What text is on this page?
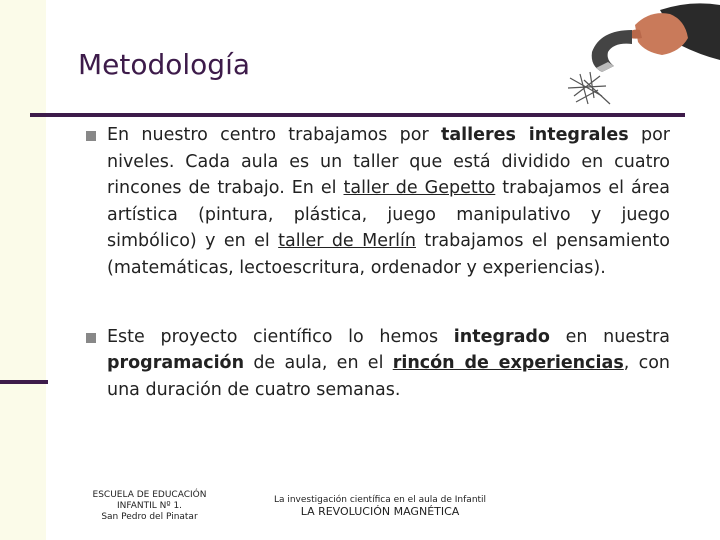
Metodología
En nuestro centro trabajamos por talleres integrales por niveles. Cada aula es un taller que está dividido en cuatro rincones de trabajo. En el taller de Gepetto trabajamos el área artística (pintura, plástica, juego manipulativo y juego simbólico) y en el taller de Merlín trabajamos el pensamiento (matemáticas, lectoescritura, ordenador y experiencias).
Este proyecto científico lo hemos integrado en nuestra programación de aula, en el rincón de experiencias, con una duración de cuatro semanas.
ESCUELA DE EDUCACIÓN
INFANTIL Nº 1.
San Pedro del Pinatar
La investigación científica en el aula de Infantil
LA REVOLUCIÓN MAGNÉTICA
